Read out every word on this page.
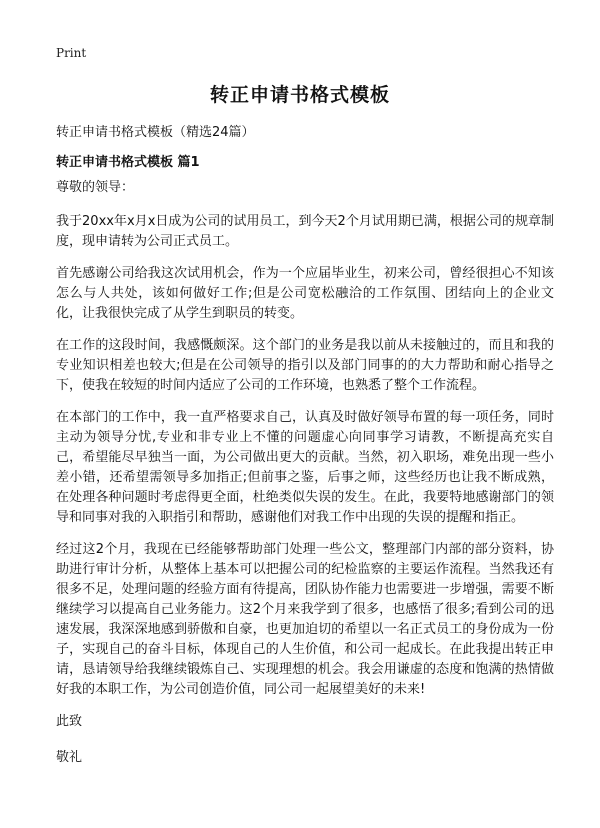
Print
转正申请书格式模板
转正申请书格式模板（精选24篇）
转正申请书格式模板 篇1

尊敬的领导：

我于20xx年x月x日成为公司的试用员工，到今天2个月试用期已满，根据公司的规章制度，现申请转为公司正式员工。

首先感谢公司给我这次试用机会，作为一个应届毕业生，初来公司，曾经很担心不知该怎么与人共处，该如何做好工作;但是公司宽松融洽的工作氛围、团结向上的企业文化，让我很快完成了从学生到职员的转变。

在工作的这段时间，我感慨颇深。这个部门的业务是我以前从未接触过的，而且和我的专业知识相差也较大;但是在公司领导的指引以及部门同事的的大力帮助和耐心指导之下，使我在较短的时间内适应了公司的工作环境，也熟悉了整个工作流程。

在本部门的工作中，我一直严格要求自己，认真及时做好领导布置的每一项任务，同时主动为领导分忧,专业和非专业上不懂的问题虚心向同事学习请教，不断提高充实自己，希望能尽早独当一面，为公司做出更大的贡献。当然，初入职场，难免出现一些小差小错，还希望需领导多加指正;但前事之鉴，后事之师，这些经历也让我不断成熟，在处理各种问题时考虑得更全面，杜绝类似失误的发生。在此，我要特地感谢部门的领导和同事对我的入职指引和帮助，感谢他们对我工作中出现的失误的提醒和指正。

经过这2个月，我现在已经能够帮助部门处理一些公文，整理部门内部的部分资料，协助进行审计分析，从整体上基本可以把握公司的纪检监察的主要运作流程。当然我还有很多不足，处理问题的经验方面有待提高，团队协作能力也需要进一步增强，需要不断继续学习以提高自己业务能力。这2个月来我学到了很多，也感悟了很多;看到公司的迅速发展，我深深地感到骄傲和自豪，也更加迫切的希望以一名正式员工的身份成为一份子，实现自己的奋斗目标，体现自己的人生价值，和公司一起成长。在此我提出转正申请，恳请领导给我继续锻炼自己、实现理想的机会。我会用谦虚的态度和饱满的热情做好我的本职工作，为公司创造价值，同公司一起展望美好的未来!

此致

敬礼
